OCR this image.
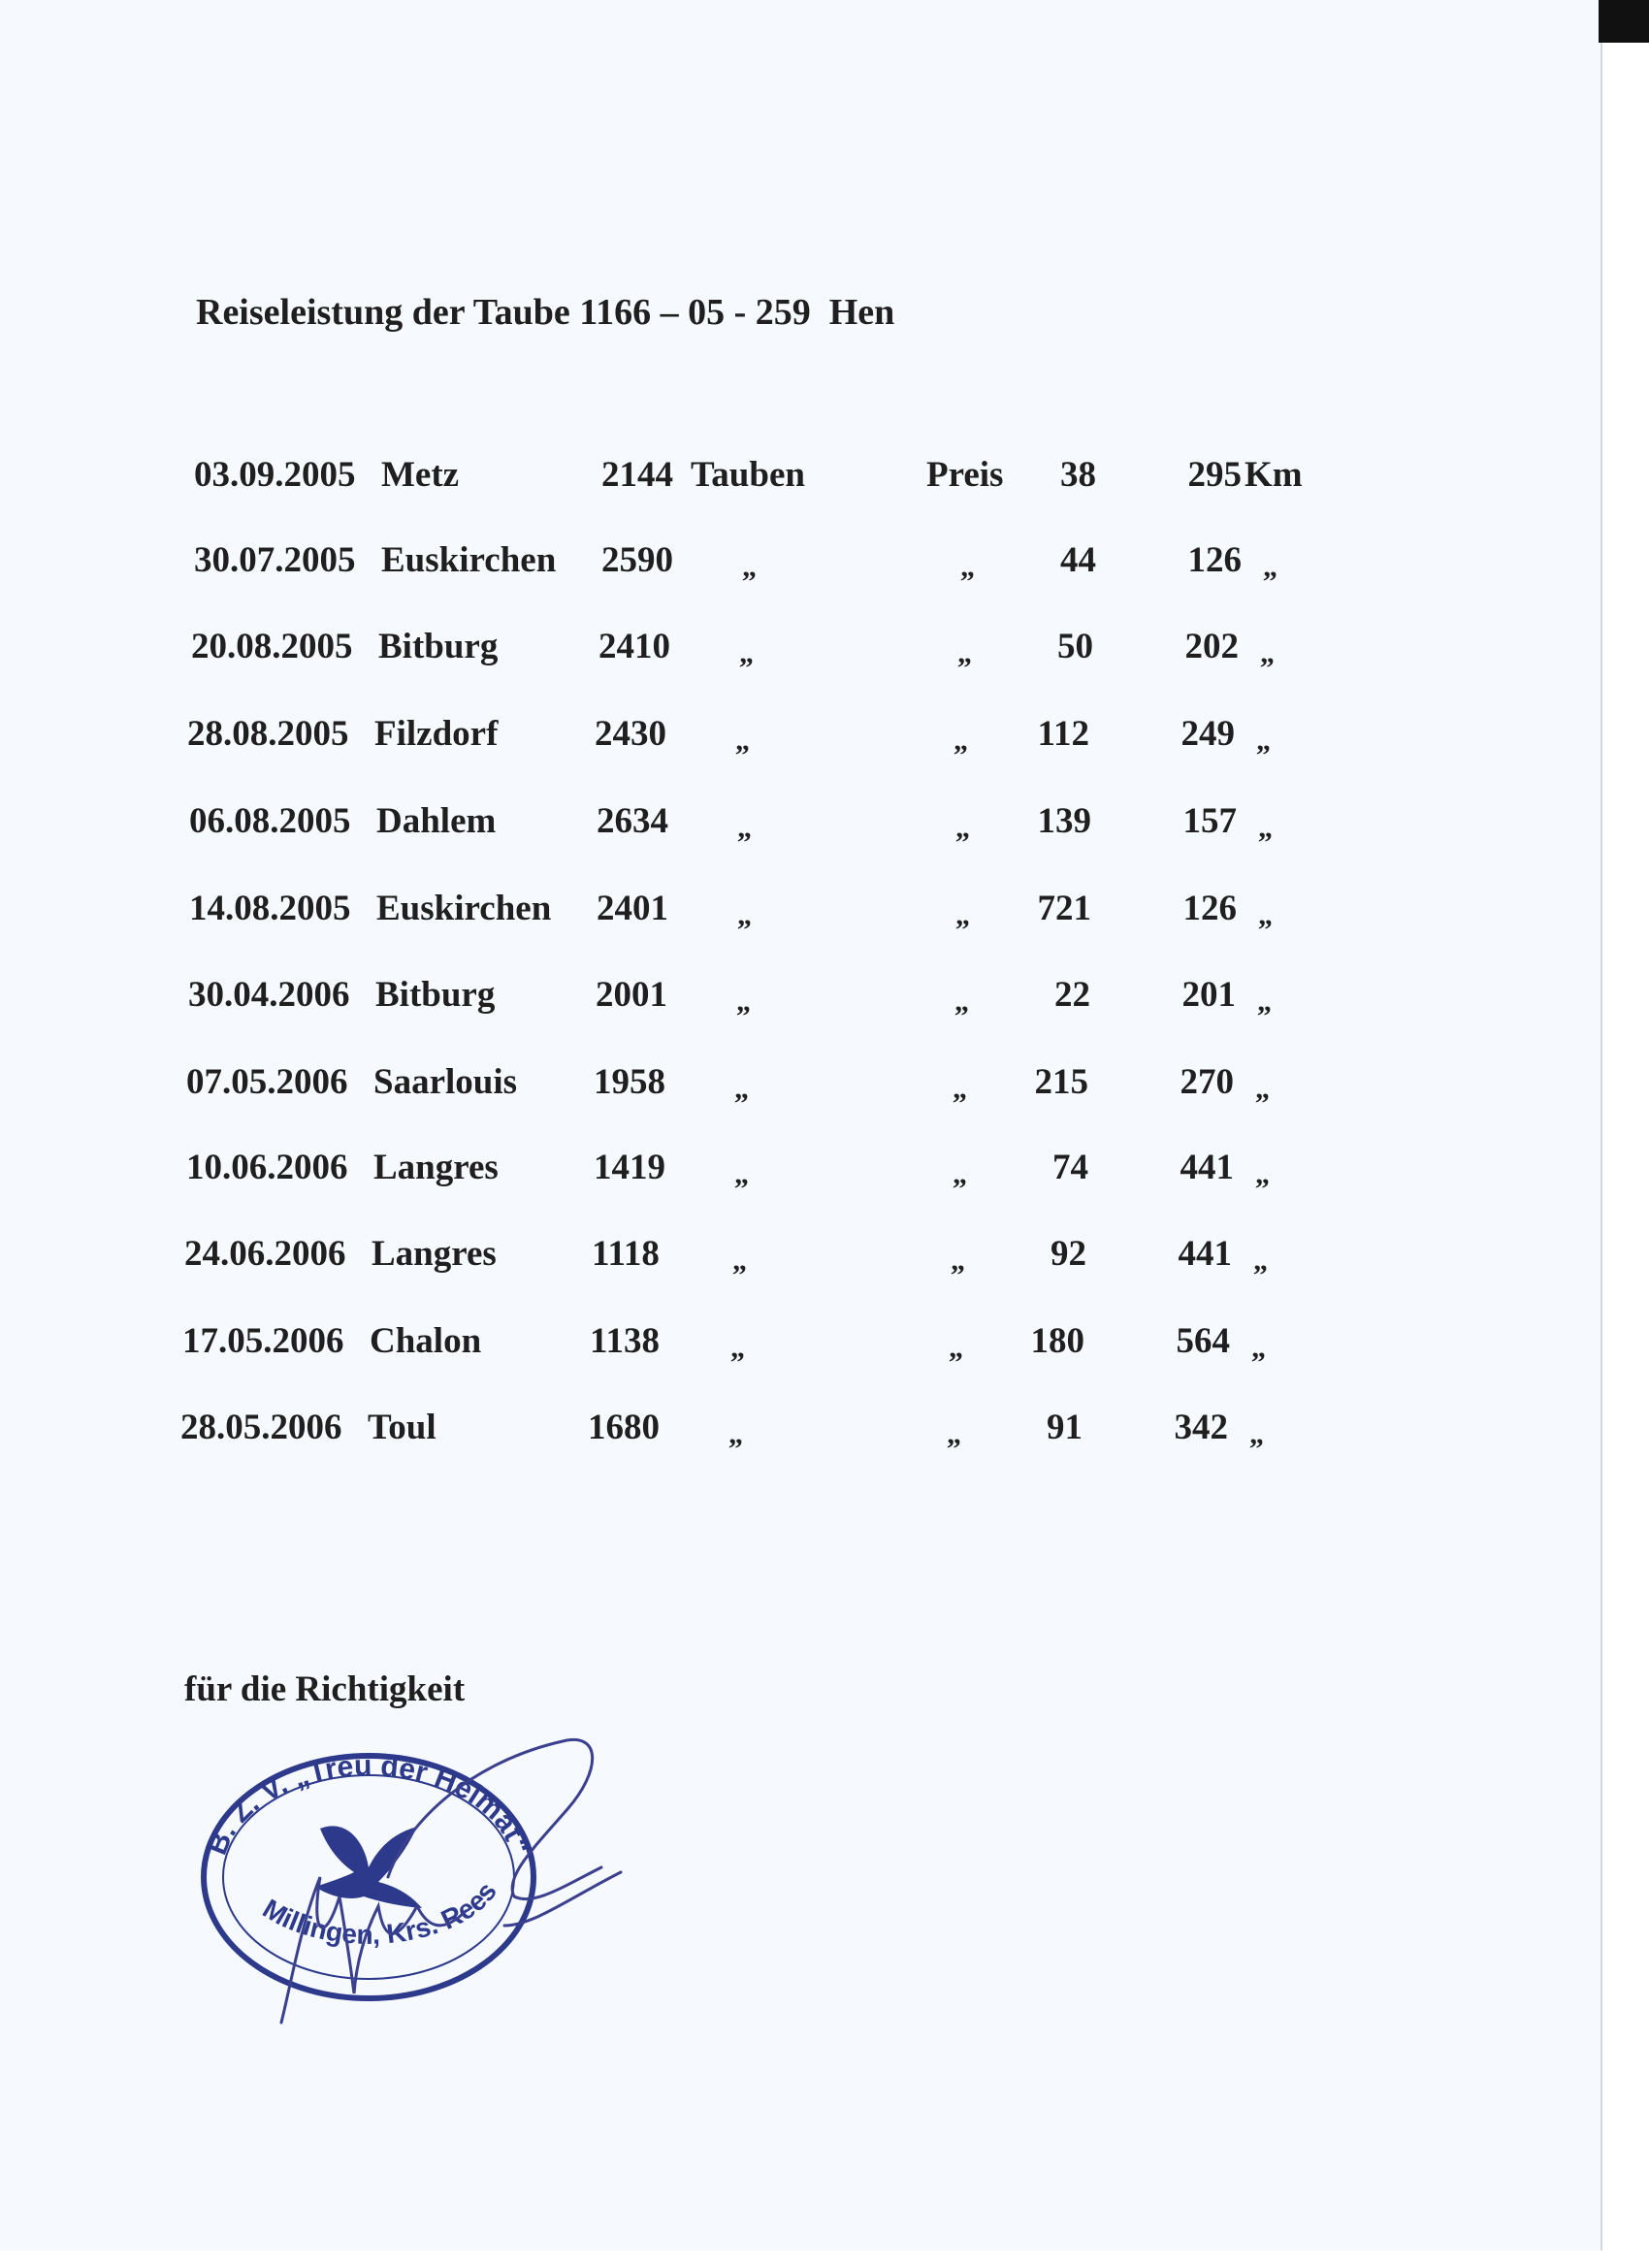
Reiseleistung der Taube 1166 – 05 - 259  Hen
03.09.2005 Metz	2144 Tauben	Preis	38	295 Km
30.07.2005 Euskirchen 2590 „	„	44	126 „
20.08.2005 Bitburg	2410 „	„	50	202 „
28.08.2005 Filzdorf	2430 „	„	112	249 „
06.08.2005 Dahlem	2634 „	„	139	157 „
14.08.2005 Euskirchen 2401 „	„	721	126 „
30.04.2006 Bitburg	2001 „	„	22	201 „
07.05.2006 Saarlouis 1958 „	„	215	270 „
10.06.2006 Langres	1419 „	„	74	441 „
24.06.2006 Langres	1118	„	„	92	441 „
17.05.2006 Chalon	1138 „	„	180	564 „
28.05.2006 Toul	1680 „	„	91	342 „
für die Richtigkeit
B. Z. V. „Treu der Heimat“
Millingen, Krs. Rees
